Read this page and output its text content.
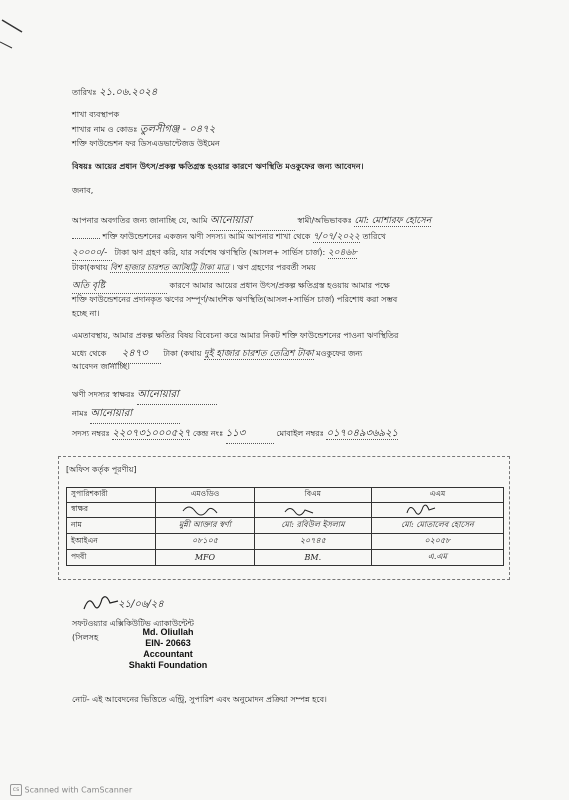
তারিখঃ ২১.০৬.২০২৪
শাখা ব্যবস্থাপক
শাখার নাম ও কোডঃ তুলসীগঞ্জ - ০৪৭২
শক্তি ফাউন্ডেশন ফর ডিসএডভান্টেজড উইমেন
বিষয়ঃ আয়ের প্রধান উৎস/প্রকল্প ক্ষতিগ্রস্ত হওয়ার কারণে ঋণস্থিতি মওকুফের জন্য আবেদন।
জনাব,
আপনার অবগতির জন্য জানাচ্ছি যে, আমি আনোয়ারা	স্বামী/অভিভাবকঃ মো: মোশারফ হোসেন
শক্তি ফাউন্ডেশনের একজন ঋণী সদস্য। আমি আপনার শাখা থেকে ৭/০৭/২০২২ তারিখে
২০০০০/- টাকা ঋণ গ্রহণ করি, যার সর্বশেষ ঋণস্থিতি (আসল+ সার্ভিস চার্জ): ২০৪৬৮
টাকা(কথায় বিশ হাজার চারশত আটষট্টি টাকা মাত্র । ঋণ গ্রহণের পরবর্তী সময়
অতি বৃষ্টি	কারণে আমার আয়ের প্রধান উৎস/প্রকল্প ক্ষতিগ্রস্ত হওয়ায় আমার পক্ষে
শক্তি ফাউন্ডেশনের প্রদানকৃত ঋণের সম্পূর্ণ/আংশিক ঋণস্থিতি(আসল+সার্ভিস চার্জ) পরিশোধ করা সম্ভব
হচ্ছে না।
এমতাবস্থায়, আমার প্রকল্প ক্ষতির বিষয় বিবেচনা করে আমার নিকট শক্তি ফাউন্ডেশনের পাওনা ঋণস্থিতির
মধ্যে থেকে ২৪৭৩ টাকা (কথায় দুই হাজার চারশত তেত্রিশ টাকা মওকুফের জন্য
আবেদন জানাচ্ছি।
ঋণী সদস্যর স্বাক্ষরঃ আনোয়ারা
নামঃ আনোয়ারা
সদস্য নম্বরঃ ২২০৭৩১০০০৫২৭ কেন্দ্র নংঃ ১১৩	মোবাইল নম্বরঃ ০১৭০৪৯৩৬৯২১
[অফিস কর্তৃক পূরণীয়]
সুপারিশকারী	এমওডিও	বিএম	এএম
স্বাক্ষর			
নাম	মুন্নী আক্তার স্বর্ণা	মো: রবিউল ইসলাম	মো: মোতালেব হোসেন
ইআইএন	০৮১০৫	২০৭৪৫	০২০৫৮
পদবী	MFO	BM.	এ.এম
২১/০৬/২৪
সফটওয়্যার এক্সিকিউটিভ এ্যাকাউন্টেন্ট
(সিলসহ
Md. Oliullah
EIN- 20663
Accountant
Shakti Foundation
নোট- এই আবেদনের ভিত্তিতে এন্ট্রি, সুপারিশ এবং অনুমোদন প্রক্রিয়া সম্পন্ন হবে।
cs Scanned with CamScanner
